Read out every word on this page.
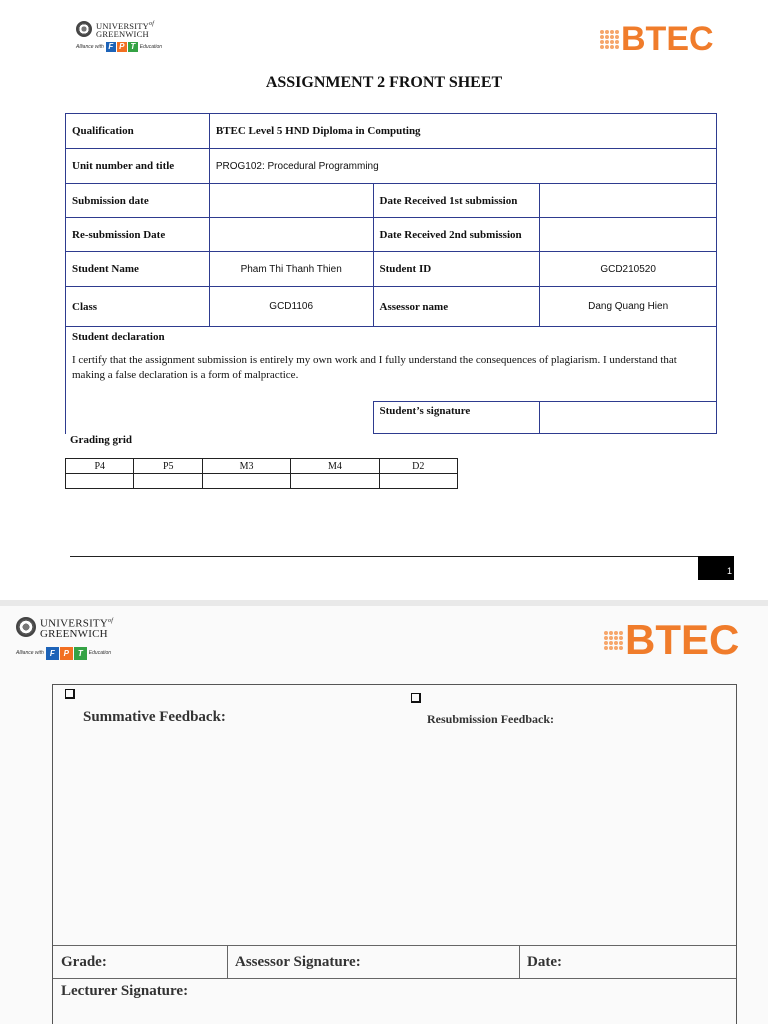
$UNIVERSITY^{of}$
GREENWICH
Alliance with F P T Education	BTEC
ASSIGNMENT 2 FRONT SHEET
Qualification	BTEC Level 5 HND Diploma in Computing		
Unit number and title	PROG102: Procedural Programming		
Submission date		Date Received 1st submission	
Re-submission Date		Date Received 2nd submission	
Student Name	Pham Thi Thanh Thien	Student ID	GCD210520
Class	GCD1106	Assessor name	Dang Quang Hien

Student declaration
I certify that the assignment submission is entirely my own work and I fully understand the consequences of plagiarism. I understand that making a false declaration is a form of malpractice.			

		Student’s signature	
Grading grid
P4	P5	M3	M4	D2

1
$UNIVERSITY^{of}$
GREENWICH
Alliance with F	P	T	Education	BTEC
Summative Feedback:	Resubmission Feedback:
Grade:	Assessor Signature:	Date:
Lecturer Signature:
